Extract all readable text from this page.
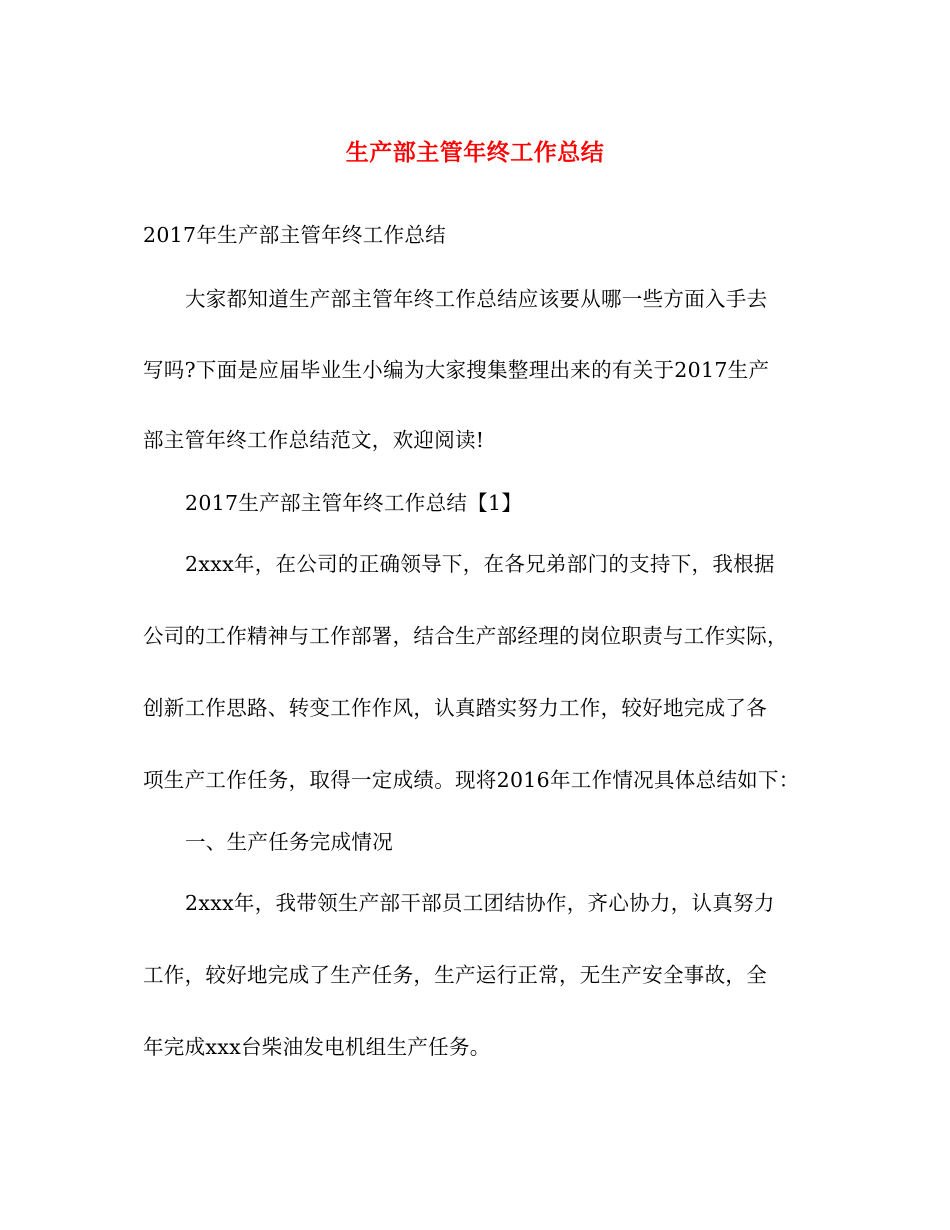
生产部主管年终工作总结
2017年生产部主管年终工作总结
大家都知道生产部主管年终工作总结应该要从哪一些方面入手去
写吗?下面是应届毕业生小编为大家搜集整理出来的有关于2017生产
部主管年终工作总结范文，欢迎阅读!
2017生产部主管年终工作总结【1】
2xxx年，在公司的正确领导下，在各兄弟部门的支持下，我根据
公司的工作精神与工作部署，结合生产部经理的岗位职责与工作实际，
创新工作思路、转变工作作风，认真踏实努力工作，较好地完成了各
项生产工作任务，取得一定成绩。现将2016年工作情况具体总结如下：
一、生产任务完成情况
2xxx年，我带领生产部干部员工团结协作，齐心协力，认真努力
工作，较好地完成了生产任务，生产运行正常，无生产安全事故，全
年完成xxx台柴油发电机组生产任务。
